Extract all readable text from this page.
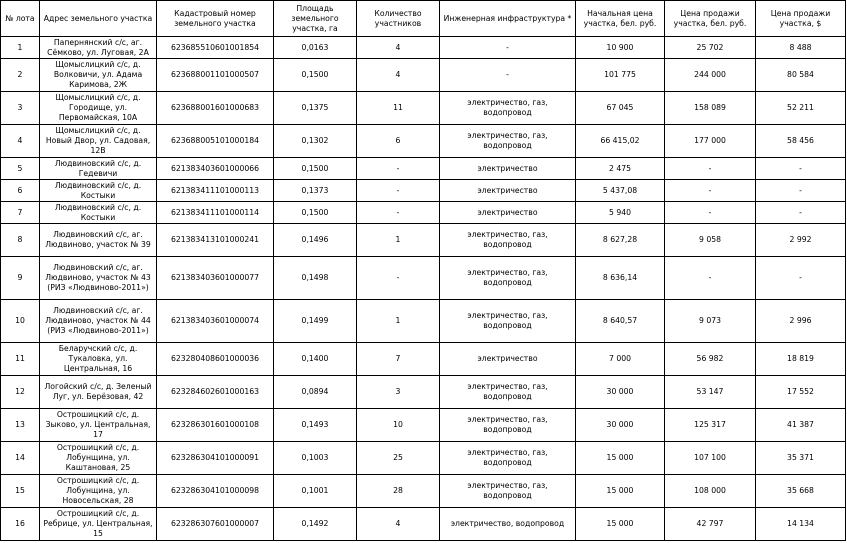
№ лота	Адрес земельного участка	Кадастровый номер земельного участка	Площадь земельного участка, га	Количество участников	Инженерная инфраструктура *	Начальная цена участка, бел. руб.	Цена продажи участка, бел. руб.	Цена продажи участка, $
1	Папернянский с/с, аг. Сёмково, ул. Луговая, 2А	623685510601001854	0,0163	4	-	10 900	25 702	8 488
2	Щомыслицкий с/с, д. Волковичи, ул. Адама Каримова, 2Ж	623688001101000507	0,1500	4	-	101 775	244 000	80 584
3	Щомыслицкий с/с, д. Городище, ул. Первомайская, 10А	623688001601000683	0,1375	11	электричество, газ, водопровод	67 045	158 089	52 211
4	Щомыслицкий с/с, д. Новый Двор, ул. Садовая, 12В	623688005101000184	0,1302	6	электричество, газ, водопровод	66 415,02	177 000	58 456
5	Людвиновский с/с, д. Гедевичи	621383403601000066	0,1500	-	электричество	2 475	-	-
6	Людвиновский с/с, д. Костыки	621383411101000113	0,1373	-	электричество	5 437,08	-	-
7	Людвиновский с/с, д. Костыки	621383411101000114	0,1500	-	электричество	5 940	-	-
8	Людвиновский с/с, аг. Людвиново, участок № 39	621383413101000241	0,1496	1	электричество, газ, водопровод	8 627,28	9 058	2 992
9	Людвиновский с/с, аг. Людвиново, участок № 43 (РИЗ «Людвиново-2011»)	621383403601000077	0,1498	-	электричество, газ, водопровод	8 636,14	-	-
10	Людвиновский с/с, аг. Людвиново, участок № 44 (РИЗ «Людвиново-2011»)	621383403601000074	0,1499	1	электричество, газ, водопровод	8 640,57	9 073	2 996
11	Беларучский с/с, д. Тукаловка, ул. Центральная, 16	623280408601000036	0,1400	7	электричество	7 000	56 982	18 819
12	Логойский с/с, д. Зеленый Луг, ул. Берёзовая, 42	623284602601000163	0,0894	3	электричество, газ, водопровод	30 000	53 147	17 552
13	Острошицкий с/с, д. Зыково, ул. Центральная, 17	623286301601000108	0,1493	10	электричество, газ, водопровод	30 000	125 317	41 387
14	Острошицкий с/с, д. Лобунщина, ул. Каштановая, 25	623286304101000091	0,1003	25	электричество, газ, водопровод	15 000	107 100	35 371
15	Острошицкий с/с, д. Лобунщина, ул. Новосельская, 28	623286304101000098	0,1001	28	электричество, газ, водопровод	15 000	108 000	35 668
16	Острошицкий с/с, д. Ребрице, ул. Центральная, 15	623286307601000007	0,1492	4	электричество, водопровод	15 000	42 797	14 134
